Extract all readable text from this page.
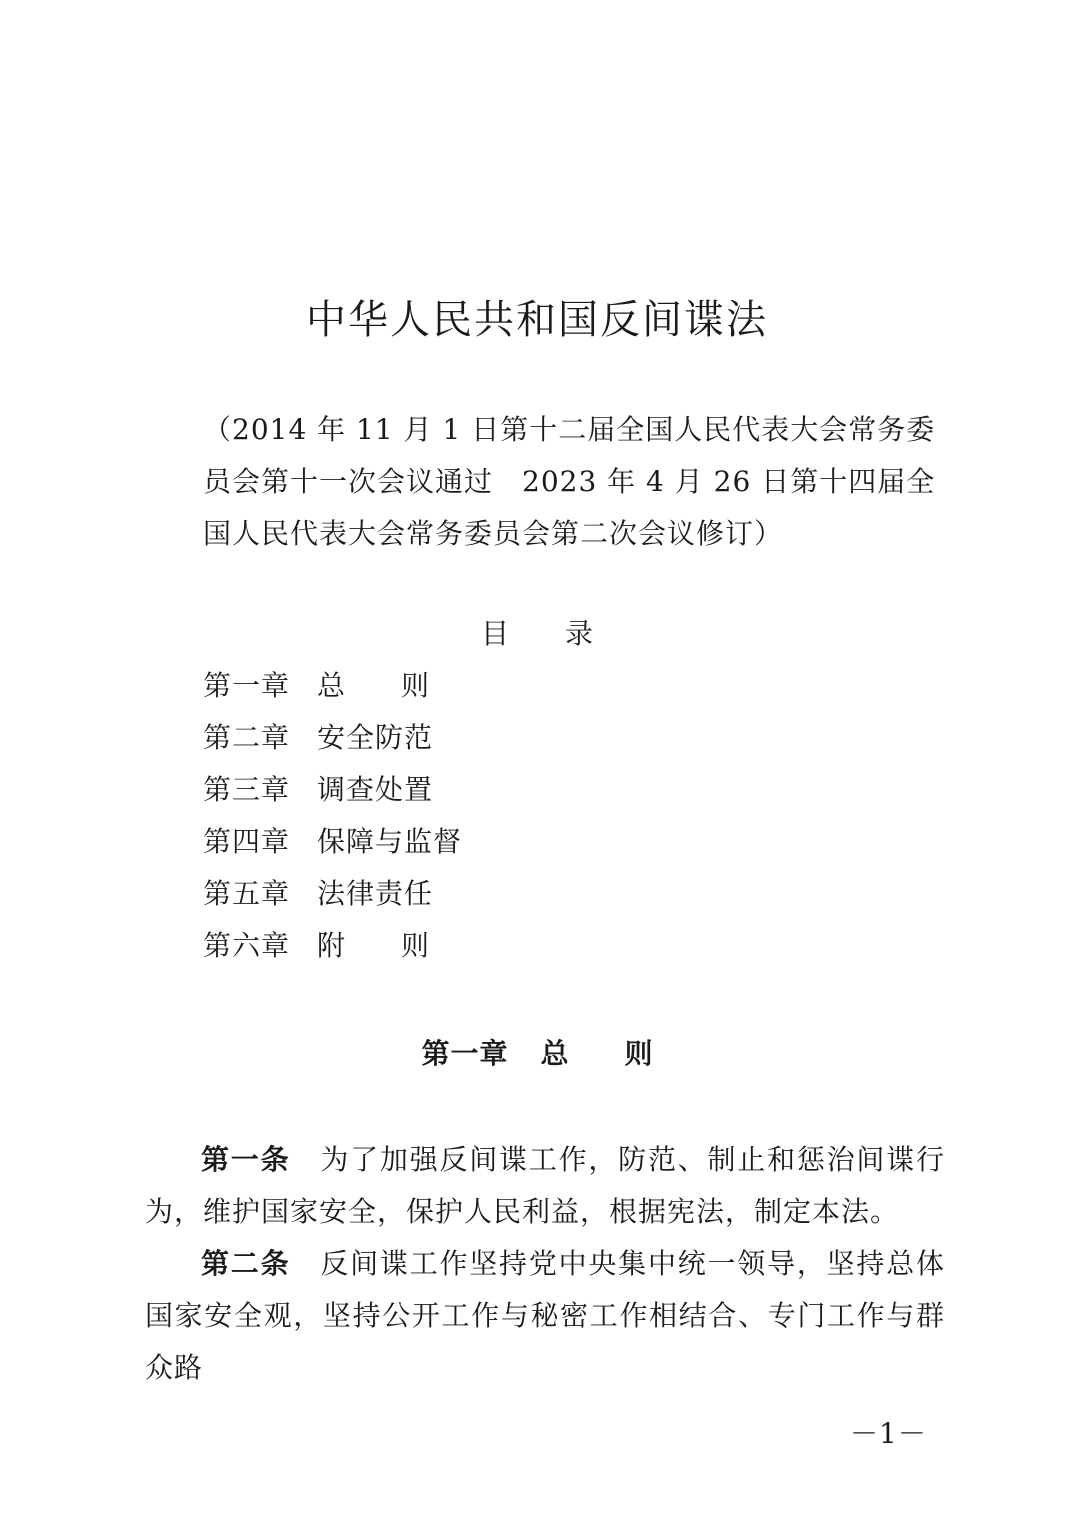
中华人民共和国反间谍法
（2014 年 11 月 1 日第十二届全国人民代表大会常务委
员会第十一次会议通过　2023 年 4 月 26 日第十四届全
国人民代表大会常务委员会第二次会议修订）
目录
第一章 总则
第二章 安全防范
第三章 调查处置
第四章 保障与监督
第五章 法律责任
第六章 附则
第一章 总则

第一条 为了加强反间谍工作，防范、制止和惩治间谍行为，维护国家安全，保护人民利益，根据宪法，制定本法。

第二条 反间谍工作坚持党中央集中统一领导，坚持总体国家安全观，坚持公开工作与秘密工作相结合、专门工作与群众路

－1－
